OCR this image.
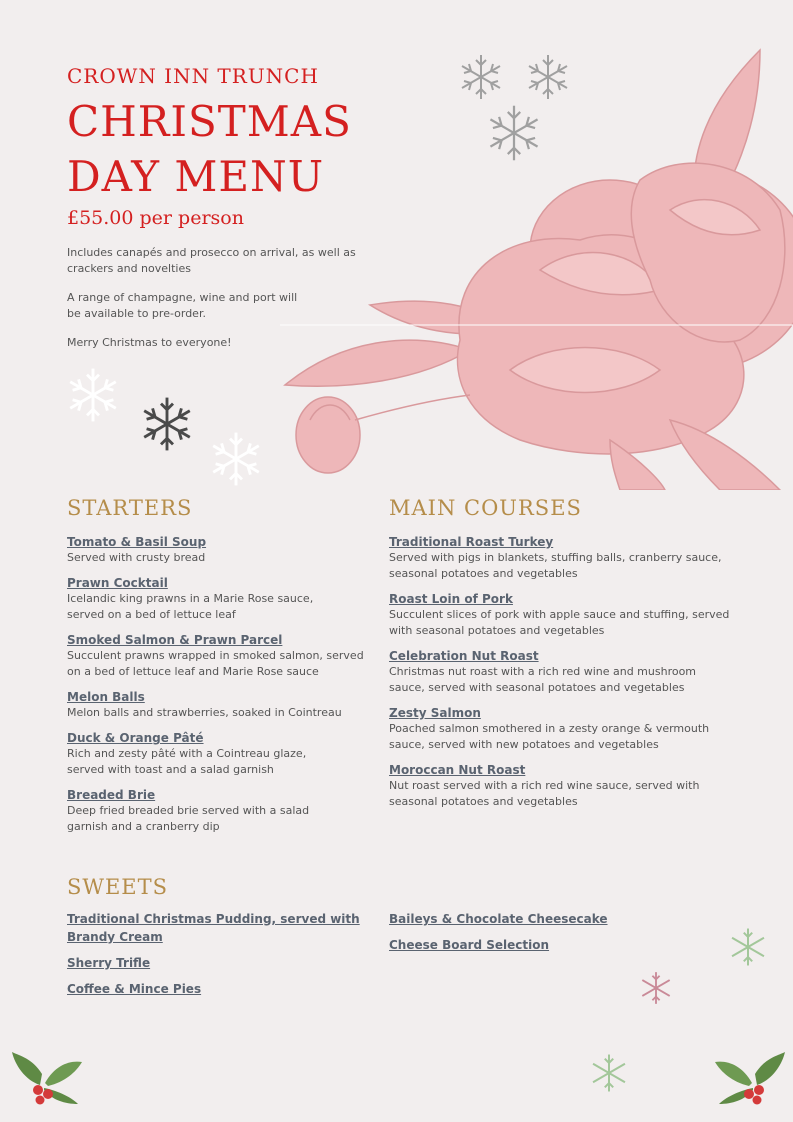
CROWN INN TRUNCH
CHRISTMAS
DAY MENU
£55.00 per person
Includes canapés and prosecco on arrival, as well as
crackers and novelties
A range of champagne, wine and port will
be available to pre-order.
Merry Christmas to everyone!
STARTERS
Tomato & Basil Soup
Served with crusty bread
Prawn Cocktail
Icelandic king prawns in a Marie Rose sauce,
served on a bed of lettuce leaf
Smoked Salmon & Prawn Parcel
Succulent prawns wrapped in smoked salmon, served
on a bed of lettuce leaf and Marie Rose sauce
Melon Balls
Melon balls and strawberries, soaked in Cointreau
Duck & Orange Pâté
Rich and zesty pâté with a Cointreau glaze,
served with toast and a salad garnish
Breaded Brie
Deep fried breaded brie served with a salad
garnish and a cranberry dip
MAIN COURSES
Traditional Roast Turkey
Served with pigs in blankets, stuffing balls, cranberry sauce,
seasonal potatoes and vegetables
Roast Loin of Pork
Succulent slices of pork with apple sauce and stuffing, served
with seasonal potatoes and vegetables
Celebration Nut Roast
Christmas nut roast with a rich red wine and mushroom
sauce, served with seasonal potatoes and vegetables
Zesty Salmon
Poached salmon smothered in a zesty orange & vermouth
sauce, served with new potatoes and vegetables
Moroccan Nut Roast
Nut roast served with a rich red wine sauce, served with
seasonal potatoes and vegetables
SWEETS
Traditional Christmas Pudding, served with
Brandy Cream
Sherry Trifle
Coffee & Mince Pies
Baileys & Chocolate Cheesecake
Cheese Board Selection
